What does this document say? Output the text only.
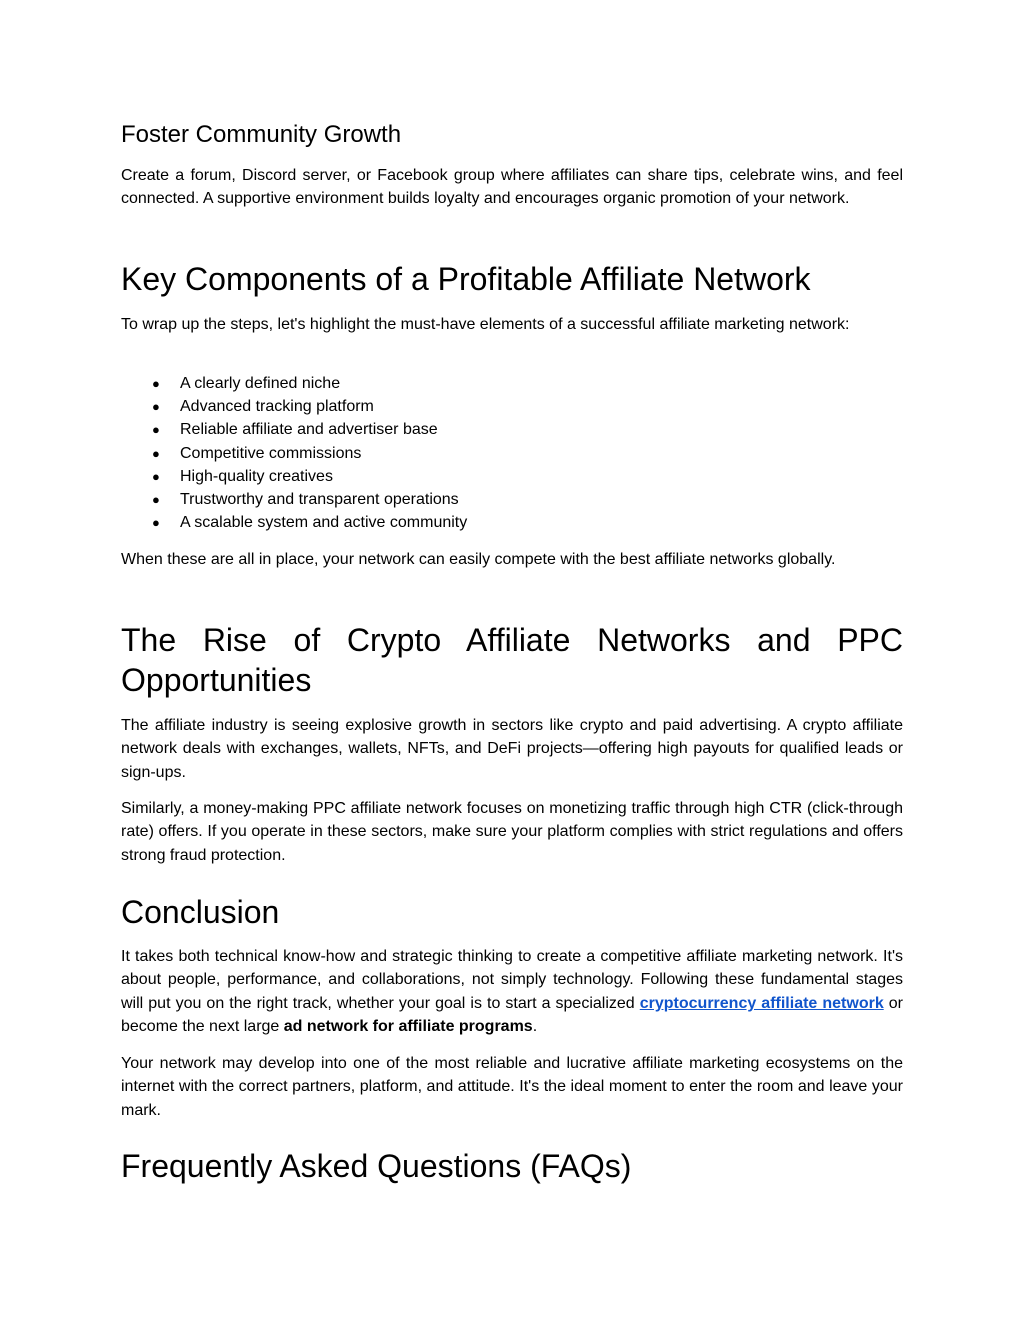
Foster Community Growth

Create a forum, Discord server, or Facebook group where affiliates can share tips, celebrate wins, and feel connected. A supportive environment builds loyalty and encourages organic promotion of your network.

Key Components of a Profitable Affiliate Network

To wrap up the steps, let's highlight the must-have elements of a successful affiliate marketing network:

● A clearly defined niche
● Advanced tracking platform
● Reliable affiliate and advertiser base
● Competitive commissions
● High-quality creatives
● Trustworthy and transparent operations
● A scalable system and active community

When these are all in place, your network can easily compete with the best affiliate networks globally.

The Rise of Crypto Affiliate Networks and PPC
Opportunities

The affiliate industry is seeing explosive growth in sectors like crypto and paid advertising. A crypto affiliate network deals with exchanges, wallets, NFTs, and DeFi projects—offering high payouts for qualified leads or sign-ups.

Similarly, a money-making PPC affiliate network focuses on monetizing traffic through high CTR (click-through rate) offers. If you operate in these sectors, make sure your platform complies with strict regulations and offers strong fraud protection.

Conclusion

It takes both technical know-how and strategic thinking to create a competitive affiliate marketing network. It's about people, performance, and collaborations, not simply technology. Following these fundamental stages will put you on the right track, whether your goal is to start a specialized cryptocurrency affiliate network or become the next large ad network for affiliate programs.

Your network may develop into one of the most reliable and lucrative affiliate marketing ecosystems on the internet with the correct partners, platform, and attitude. It's the ideal moment to enter the room and leave your mark.

Frequently Asked Questions (FAQs)
